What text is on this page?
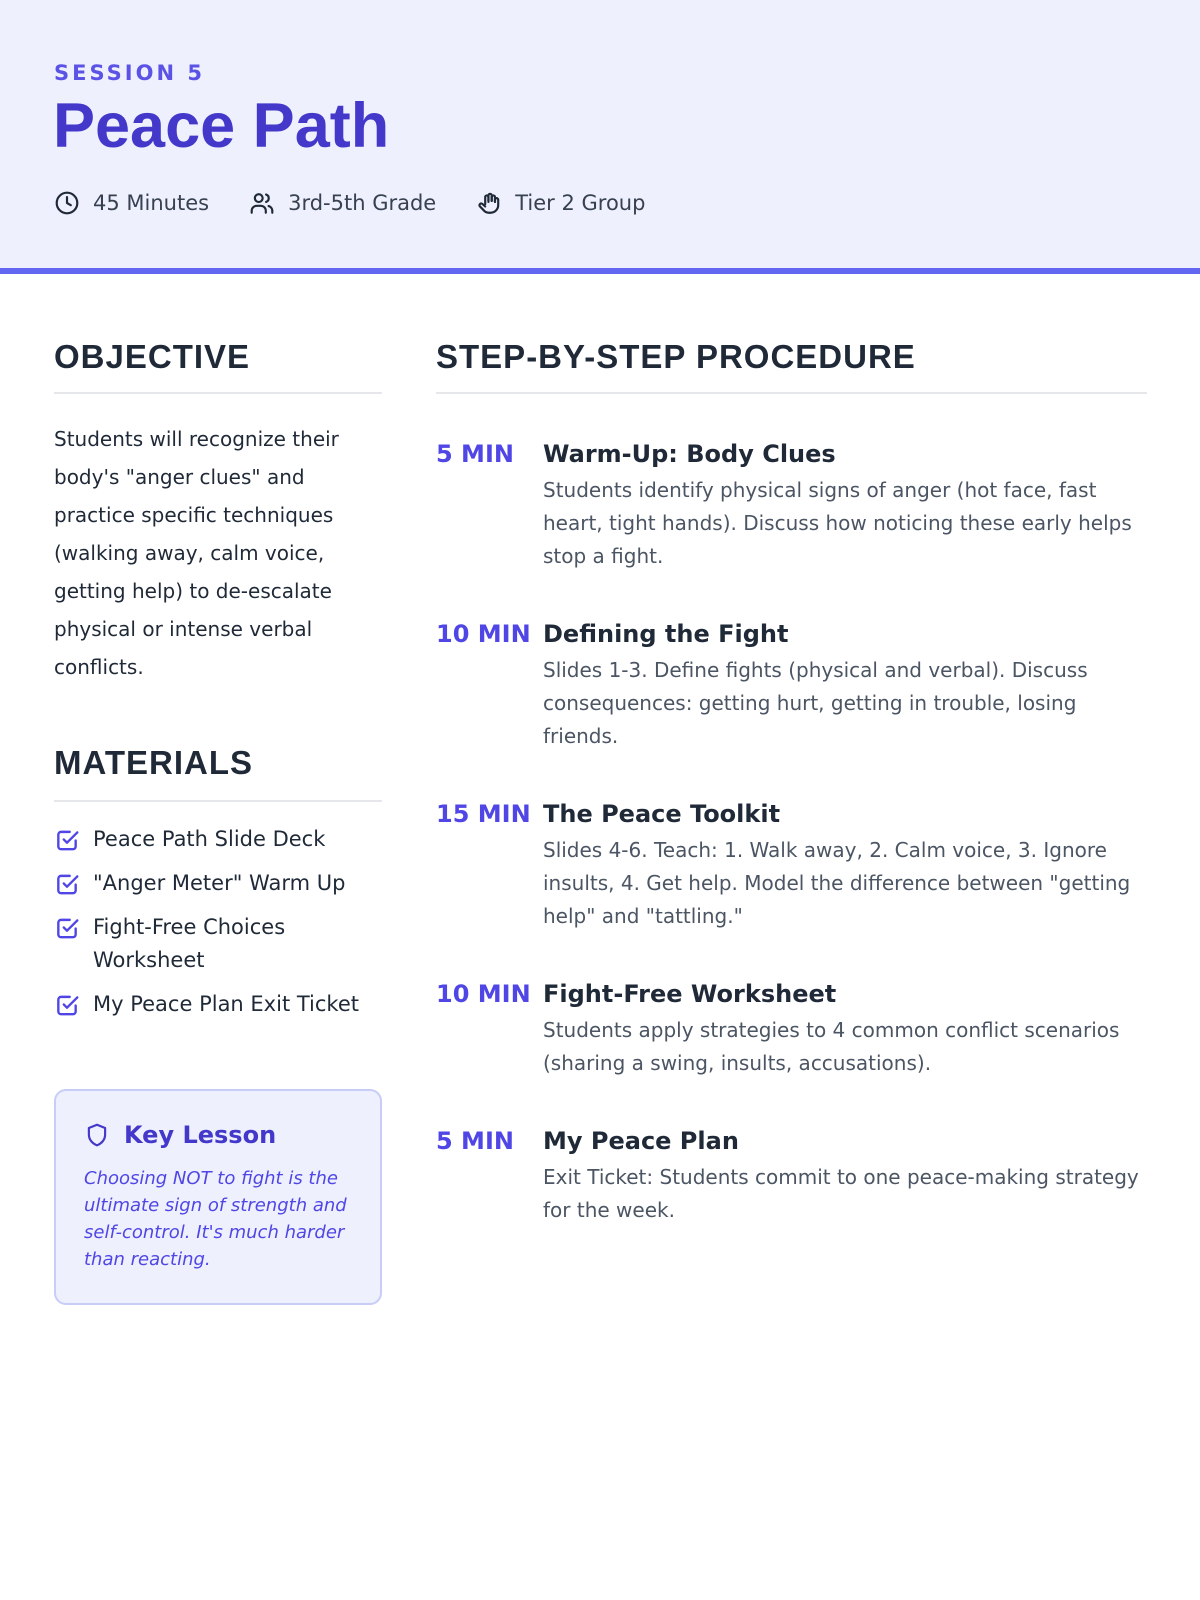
SESSION 5
Peace Path
45 Minutes	3rd-5th Grade	Tier 2 Group
OBJECTIVE

Students will recognize their body's "anger clues" and practice specific techniques (walking away, calm voice, getting help) to de-escalate physical or intense verbal conflicts.

MATERIALS
Peace Path Slide Deck
"Anger Meter" Warm Up
Fight-Free Choices Worksheet
My Peace Plan Exit Ticket
Key Lesson

Choosing NOT to fight is the ultimate sign of strength and self-control. It's much harder than reacting.

STEP-BY-STEP PROCEDURE
5 MIN	Warm-Up: Body Clues

Students identify physical signs of anger (hot face, fast heart, tight hands). Discuss how noticing these early helps stop a fight.

10 MIN Defining the Fight

Slides 1-3. Define fights (physical and verbal). Discuss consequences: getting hurt, getting in trouble, losing friends.

15 MIN The Peace Toolkit

Slides 4-6. Teach: 1. Walk away, 2. Calm voice, 3. Ignore insults, 4. Get help. Model the difference between "getting help" and "tattling."

10 MIN Fight-Free Worksheet

Students apply strategies to 4 common conflict scenarios (sharing a swing, insults, accusations).

5 MIN	My Peace Plan

Exit Ticket: Students commit to one peace-making strategy for the week.
